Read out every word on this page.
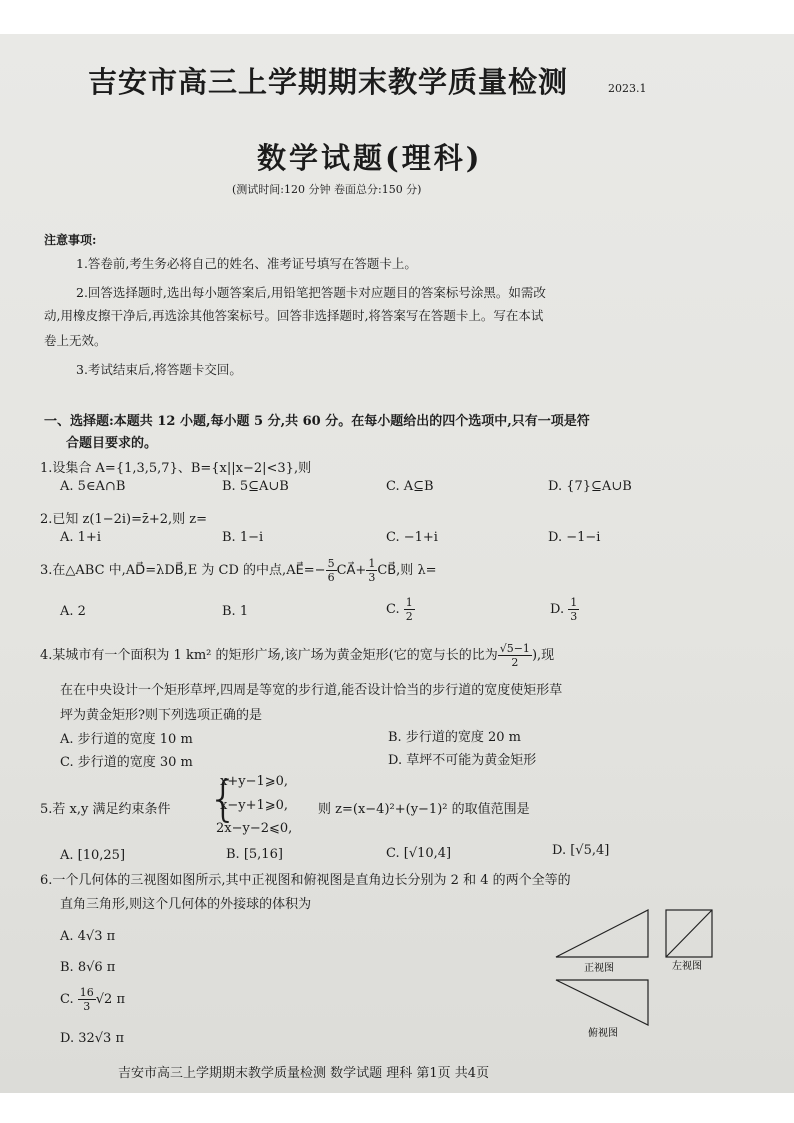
吉安市高三上学期期末教学质量检测	2023.1
数学试题(理科)
(测试时间:120 分钟 卷面总分:150 分)
注意事项:
1.答卷前,考生务必将自己的姓名、准考证号填写在答题卡上。
2.回答选择题时,选出每小题答案后,用铅笔把答题卡对应题目的答案标号涂黑。如需改
动,用橡皮擦干净后,再选涂其他答案标号。回答非选择题时,将答案写在答题卡上。写在本试
卷上无效。
3.考试结束后,将答题卡交回。
一、选择题:本题共 12 小题,每小题 5 分,共 60 分。在每小题给出的四个选项中,只有一项是符
合题目要求的。
1.设集合 A={1,3,5,7}、B={x||x−2|<3},则
A. 5∈A∩B	B. 5⊆A∪B	C. A⊆B	D. {7}⊆A∪B
2.已知 z(1−2i)=z̄+2,则 z=
A. 1+i	B. 1−i	C. −1+i	D. −1−i
3.在△ABC 中,AD⃗=λDB⃗,E 为 CD 的中点,AE⃗=− $\frac{5}{6}$ CA⃗+ $\frac{1}{3}$ CB⃗,则 λ=
A. 2	B. 1	C. $\frac{1}{2}$	D. $\frac{1}{3}$
4.某城市有一个面积为 1 km² 的矩形广场,该广场为黄金矩形(它的宽与长的比为 $\frac{√5-1}{2}$ ),现
在在中央设计一个矩形草坪,四周是等宽的步行道,能否设计恰当的步行道的宽度使矩形草
坪为黄金矩形?则下列选项正确的是
A. 步行道的宽度 10 m	B. 步行道的宽度 20 m
C. 步行道的宽度 30 m	D. 草坪不可能为黄金矩形
5.若 x,y 满足约束条件 {
x+y−1⩾0,
x−y+1⩾0,
2x−y−2⩽0,
则 z=(x−4)²+(y−1)² 的取值范围是
A. [10,25]	B. [5,16]	C. [√10,4]	D. [√5,4]
6.一个几何体的三视图如图所示,其中正视图和俯视图是直角边长分别为 2 和 4 的两个全等的
直角三角形,则这个几何体的外接球的体积为
A. 4√3 π
B. 8√6 π
C. $\frac{16}{3} √2$ π
D. 32√3 π
正视图	左视图
俯视图
吉安市高三上学期期末教学质量检测 数学试题 理科 第1页 共4页
